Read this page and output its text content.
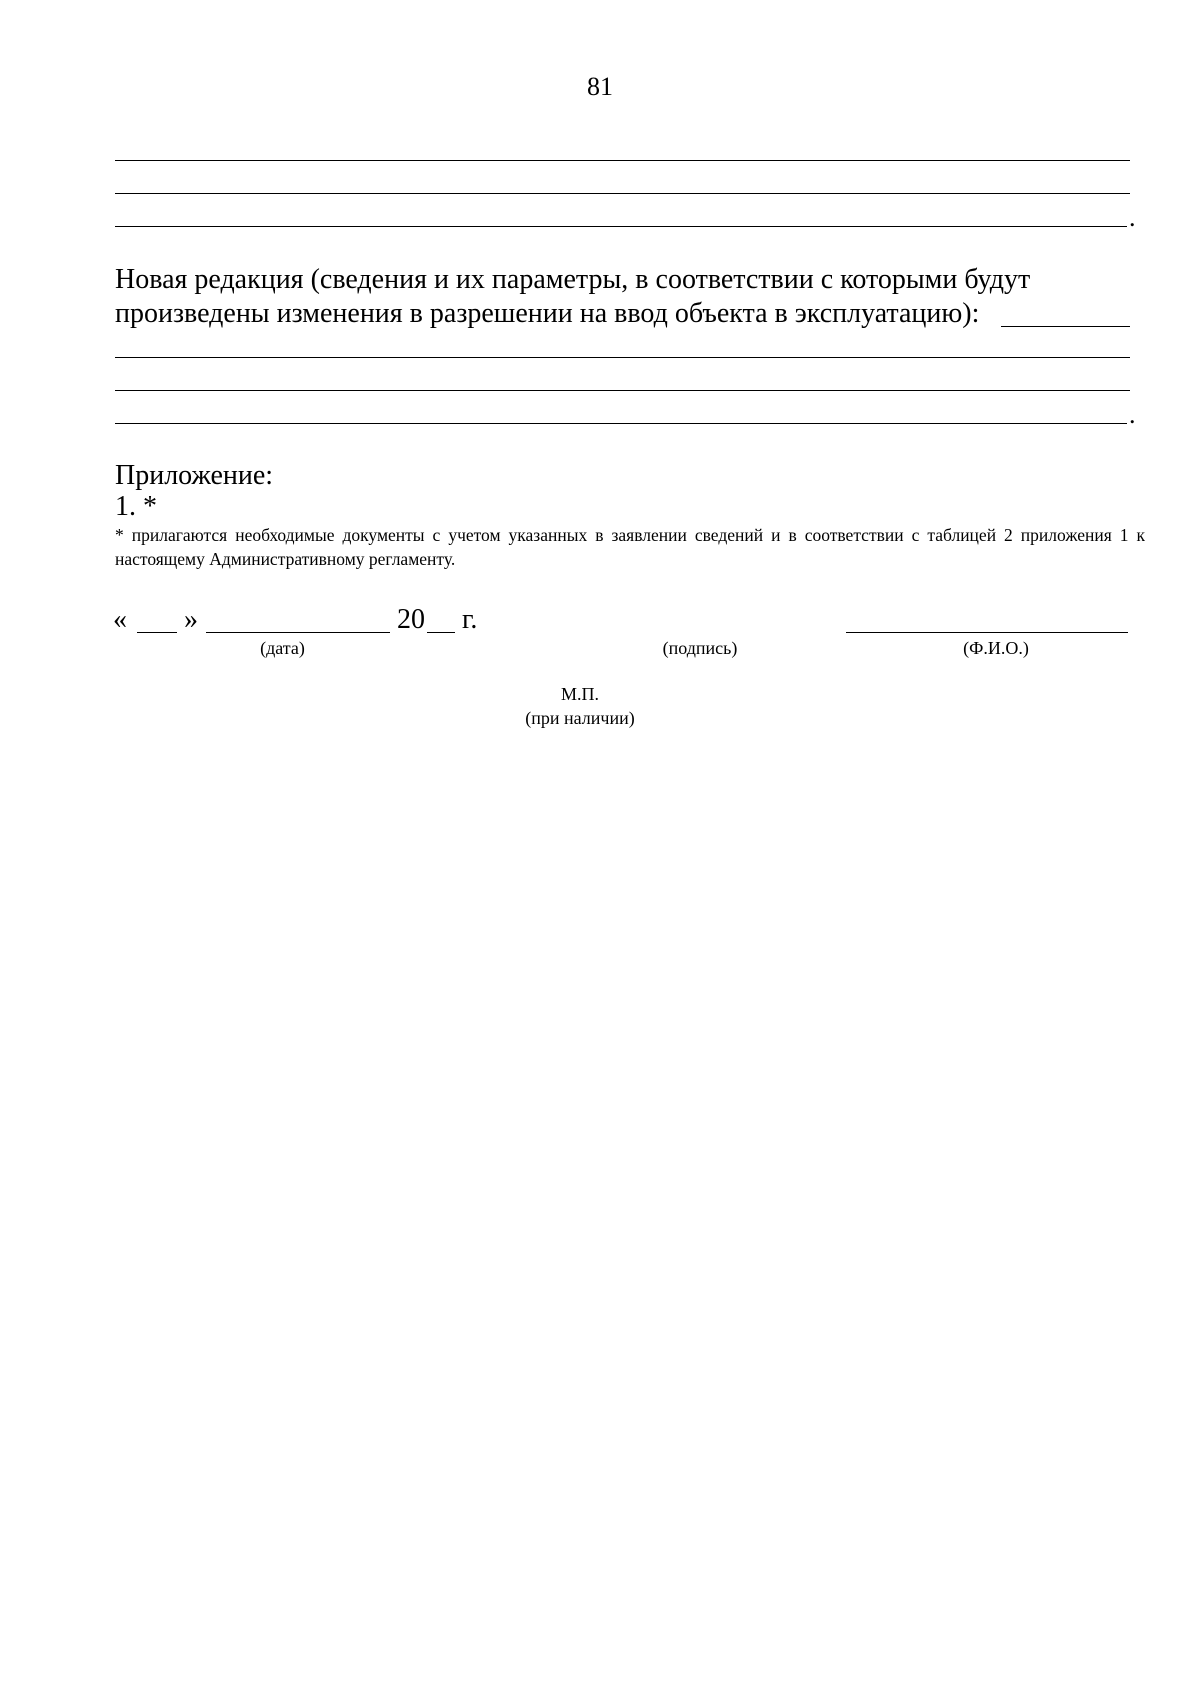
81
.
Новая редакция (сведения и их параметры, в соответствии с которыми будут
произведены изменения в разрешении на ввод объекта в эксплуатацию):
.
Приложение:
1. *
* прилагаются необходимые документы с учетом указанных в заявлении сведений и в соответствии с таблицей 2 приложения 1 к настоящему Административному регламенту.
« »	20 г.
(дата)	(подпись)	(Ф.И.О.)
М.П.
(при наличии)
